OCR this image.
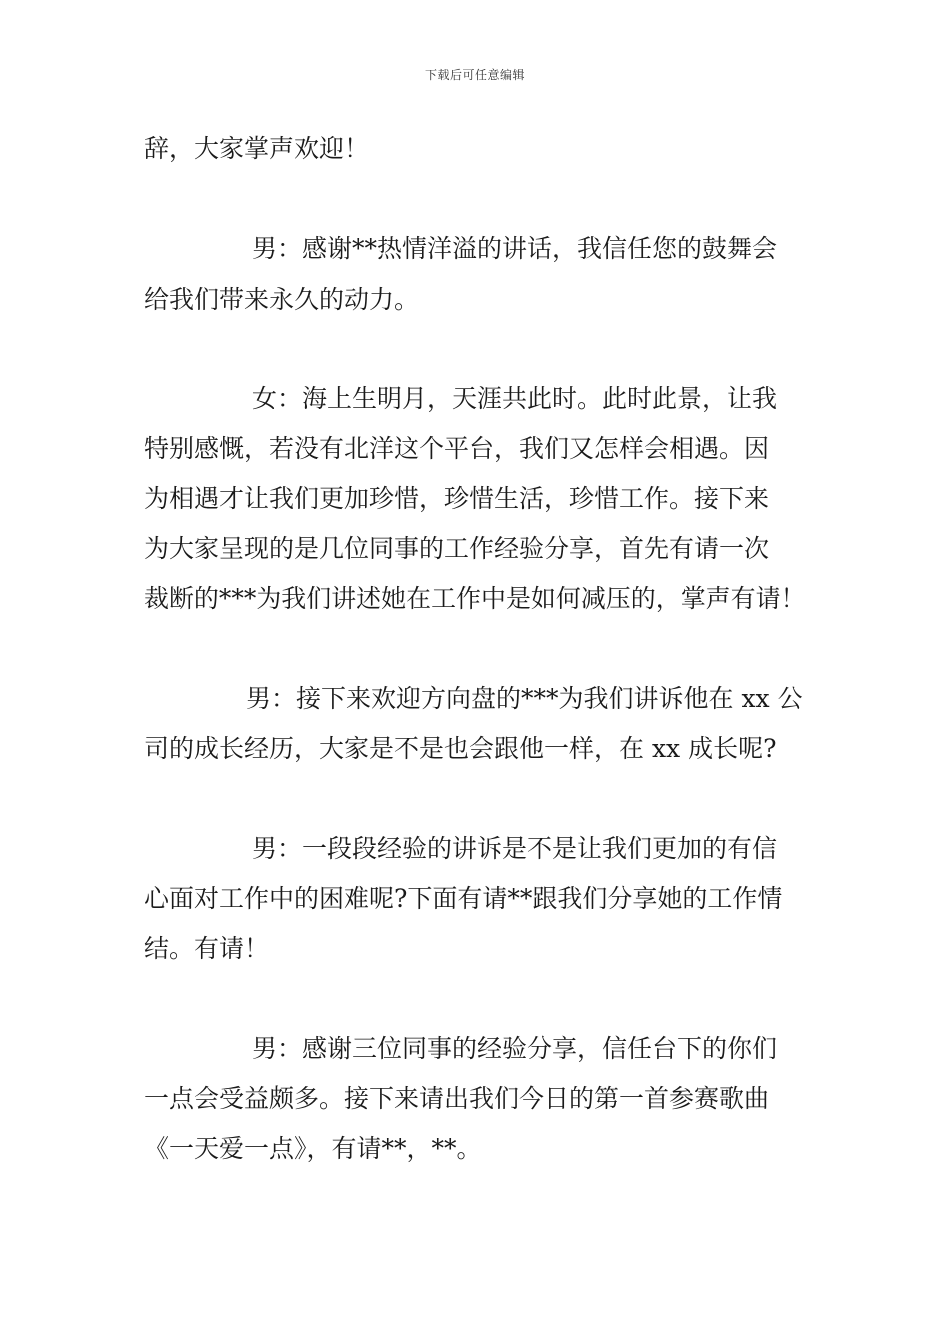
下载后可任意编辑
辞，大家掌声欢迎！
男：感谢**热情洋溢的讲话，我信任您的鼓舞会
给我们带来永久的动力。
女：海上生明月，天涯共此时。此时此景，让我
特别感慨，若没有北洋这个平台，我们又怎样会相遇。因
为相遇才让我们更加珍惜，珍惜生活，珍惜工作。接下来
为大家呈现的是几位同事的工作经验分享，首先有请一次
裁断的***为我们讲述她在工作中是如何减压的，掌声有请！
男：接下来欢迎方向盘的***为我们讲诉他在 xx 公
司的成长经历，大家是不是也会跟他一样，在 xx 成长呢?
男：一段段经验的讲诉是不是让我们更加的有信
心面对工作中的困难呢?下面有请**跟我们分享她的工作情
结。有请！
男：感谢三位同事的经验分享，信任台下的你们
一点会受益颇多。接下来请出我们今日的第一首参赛歌曲
《一天爱一点》，有请**，**。
